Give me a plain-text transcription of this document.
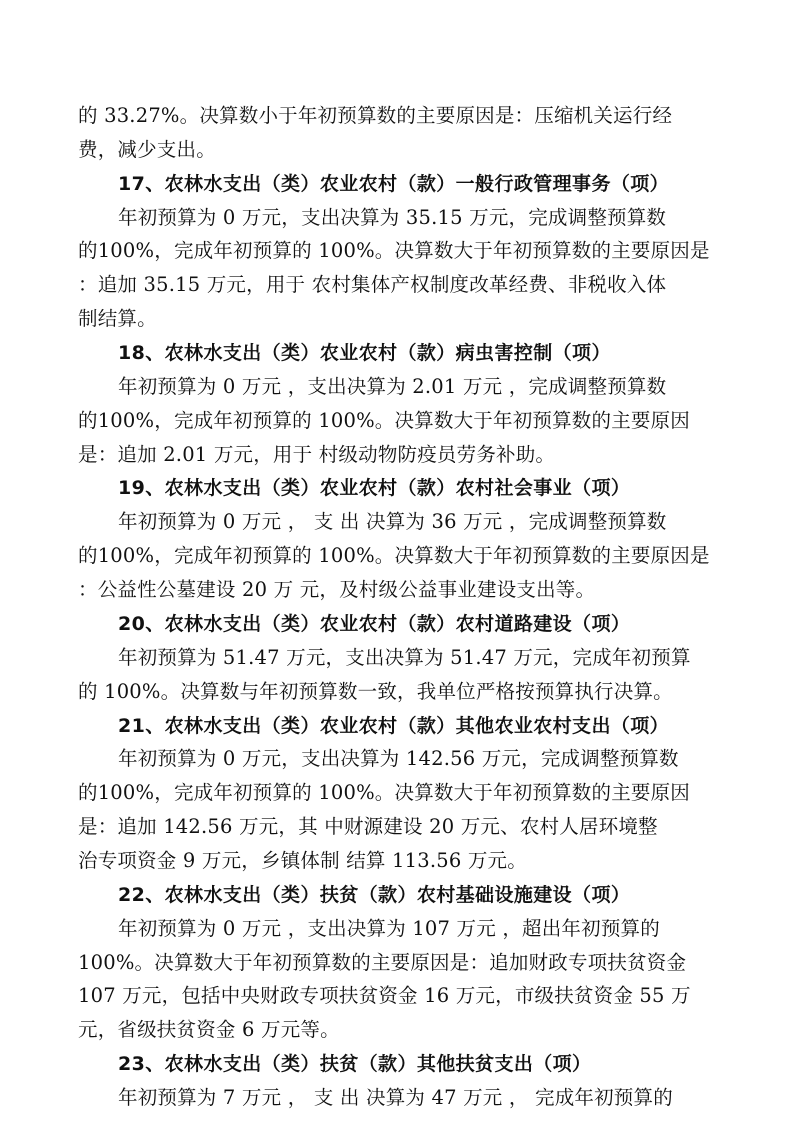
的 33.27%。决算数小于年初预算数的主要原因是：压缩机关运行经
费，减少支出。
17、农林水支出（类）农业农村（款）一般行政管理事务（项）
年初预算为 0 万元，支出决算为 35.15 万元，完成调整预算数
的100%，完成年初预算的 100%。决算数大于年初预算数的主要原因是
：追加 35.15 万元，用于 农村集体产权制度改革经费、非税收入体
制结算。
18、农林水支出（类）农业农村（款）病虫害控制（项）
年初预算为 0 万元 ，支出决算为 2.01 万元 ，完成调整预算数
的100%，完成年初预算的 100%。决算数大于年初预算数的主要原因
是：追加 2.01 万元，用于 村级动物防疫员劳务补助。
19、农林水支出（类）农业农村（款）农村社会事业（项）
年初预算为 0 万元 ， 支 出 决算为 36 万元 ，完成调整预算数
的100%，完成年初预算的 100%。决算数大于年初预算数的主要原因是
：公益性公墓建设 20 万 元，及村级公益事业建设支出等。
20、农林水支出（类）农业农村（款）农村道路建设（项）
年初预算为 51.47 万元，支出决算为 51.47 万元，完成年初预算
的 100%。决算数与年初预算数一致，我单位严格按预算执行决算。
21、农林水支出（类）农业农村（款）其他农业农村支出（项）
年初预算为 0 万元，支出决算为 142.56 万元，完成调整预算数
的100%，完成年初预算的 100%。决算数大于年初预算数的主要原因
是：追加 142.56 万元，其 中财源建设 20 万元、农村人居环境整
治专项资金 9 万元，乡镇体制 结算 113.56 万元。
22、农林水支出（类）扶贫（款）农村基础设施建设（项）
年初预算为 0 万元 ，支出决算为 107 万元 ，超出年初预算的
100%。决算数大于年初预算数的主要原因是：追加财政专项扶贫资金
107 万元，包括中央财政专项扶贫资金 16 万元，市级扶贫资金 55 万
元，省级扶贫资金 6 万元等。
23、农林水支出（类）扶贫（款）其他扶贫支出（项）
年初预算为 7 万元 ， 支 出 决算为 47 万元 ， 完成年初预算的
